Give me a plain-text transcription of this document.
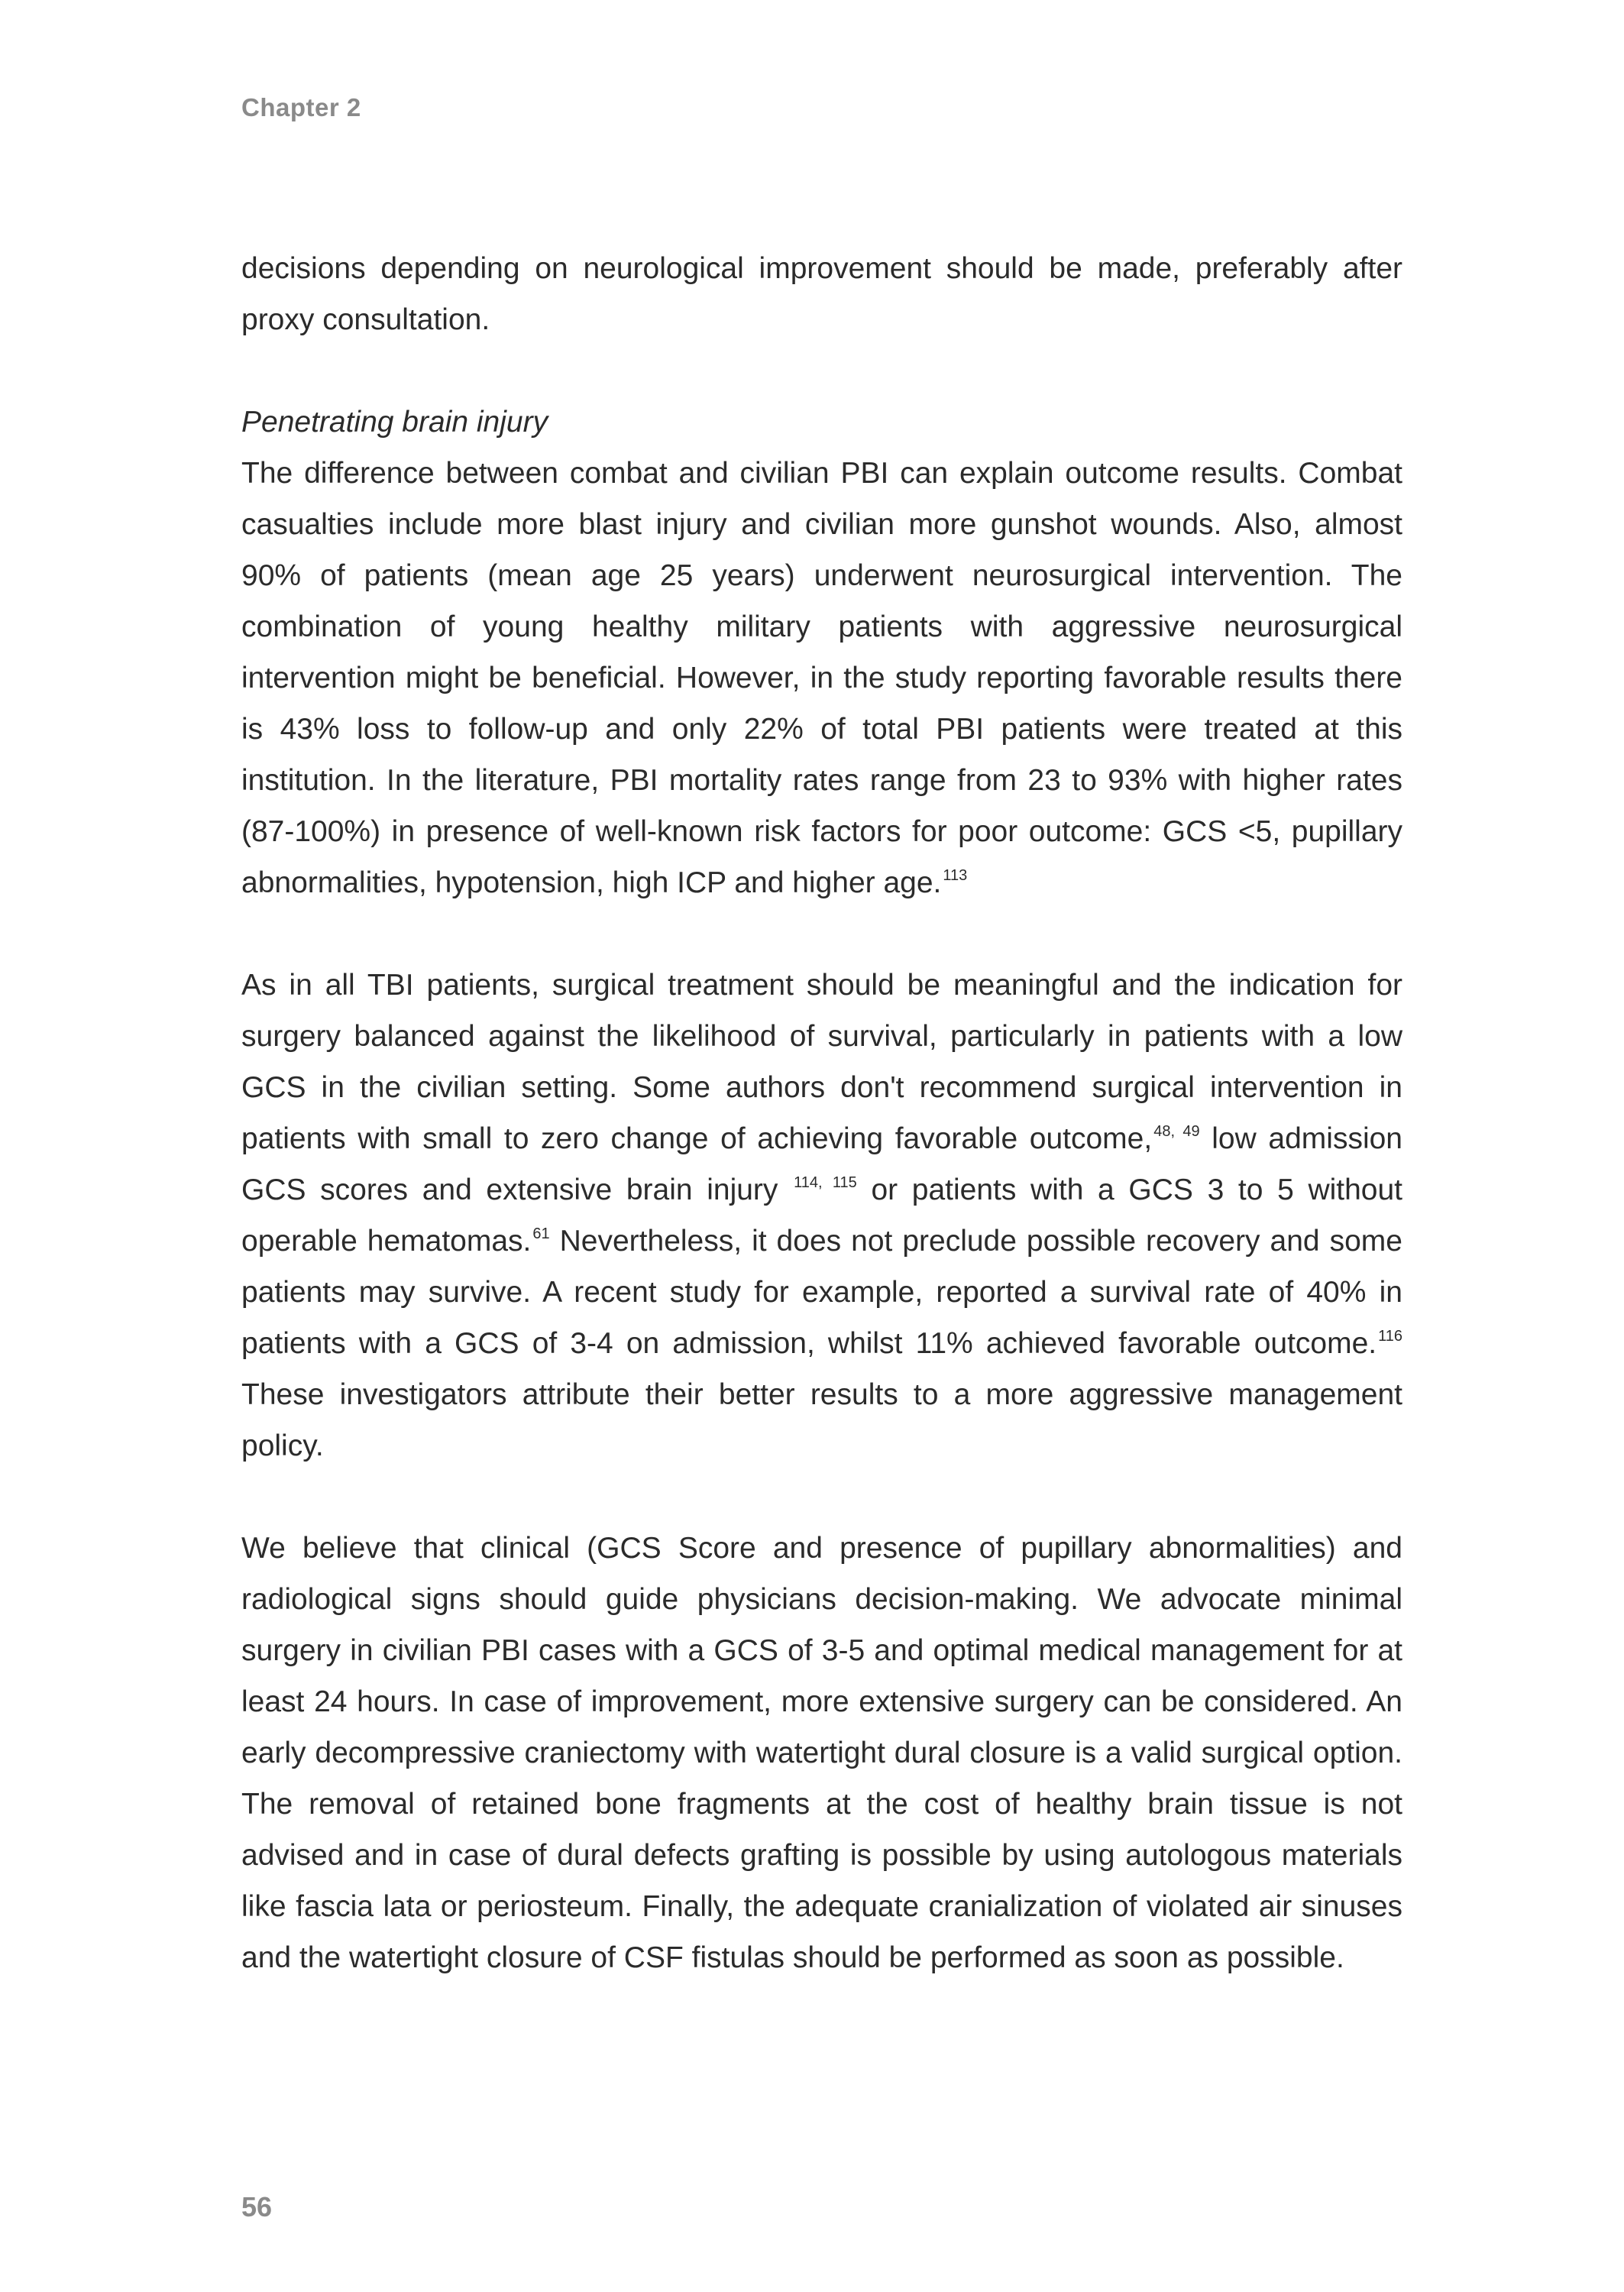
Chapter 2

decisions depending on neurological improvement should be made, preferably after proxy consultation.

Penetrating brain injury

The difference between combat and civilian PBI can explain outcome results. Combat casualties include more blast injury and civilian more gunshot wounds. Also, almost 90% of patients (mean age 25 years) underwent neurosurgical intervention. The combination of young healthy military patients with aggressive neurosurgical intervention might be beneficial. However, in the study reporting favorable results there is 43% loss to follow-up and only 22% of total PBI patients were treated at this institution. In the literature, PBI mortality rates range from 23 to 93% with higher rates (87-100%) in presence of well-known risk factors for poor outcome: GCS <5, pupillary abnormalities, hypotension, high ICP and higher age. $^{113}$

As in all TBI patients, surgical treatment should be meaningful and the indication for surgery balanced against the likelihood of survival, particularly in patients with a low GCS in the civilian setting. Some authors don't recommend surgical intervention in patients with small to zero change of achieving favorable outcome, $^{48, 49}$ low admission GCS scores and extensive brain injury $^{114, 115}$ or patients with a GCS 3 to 5 without operable hematomas. $^{61}$ Nevertheless, it does not preclude possible recovery and some patients may survive. A recent study for example, reported a survival rate of 40% in patients with a GCS of 3-4 on admission, whilst 11% achieved favorable outcome. $^{116}$ These investigators attribute their better results to a more aggressive management policy.

We believe that clinical (GCS Score and presence of pupillary abnormalities) and radiological signs should guide physicians decision-making. We advocate minimal surgery in civilian PBI cases with a GCS of 3-5 and optimal medical management for at least 24 hours. In case of improvement, more extensive surgery can be considered. An early decompressive craniectomy with watertight dural closure is a valid surgical option. The removal of retained bone fragments at the cost of healthy brain tissue is not advised and in case of dural defects grafting is possible by using autologous materials like fascia lata or periosteum. Finally, the adequate cranialization of violated air sinuses and the watertight closure of CSF fistulas should be performed as soon as possible.

56
